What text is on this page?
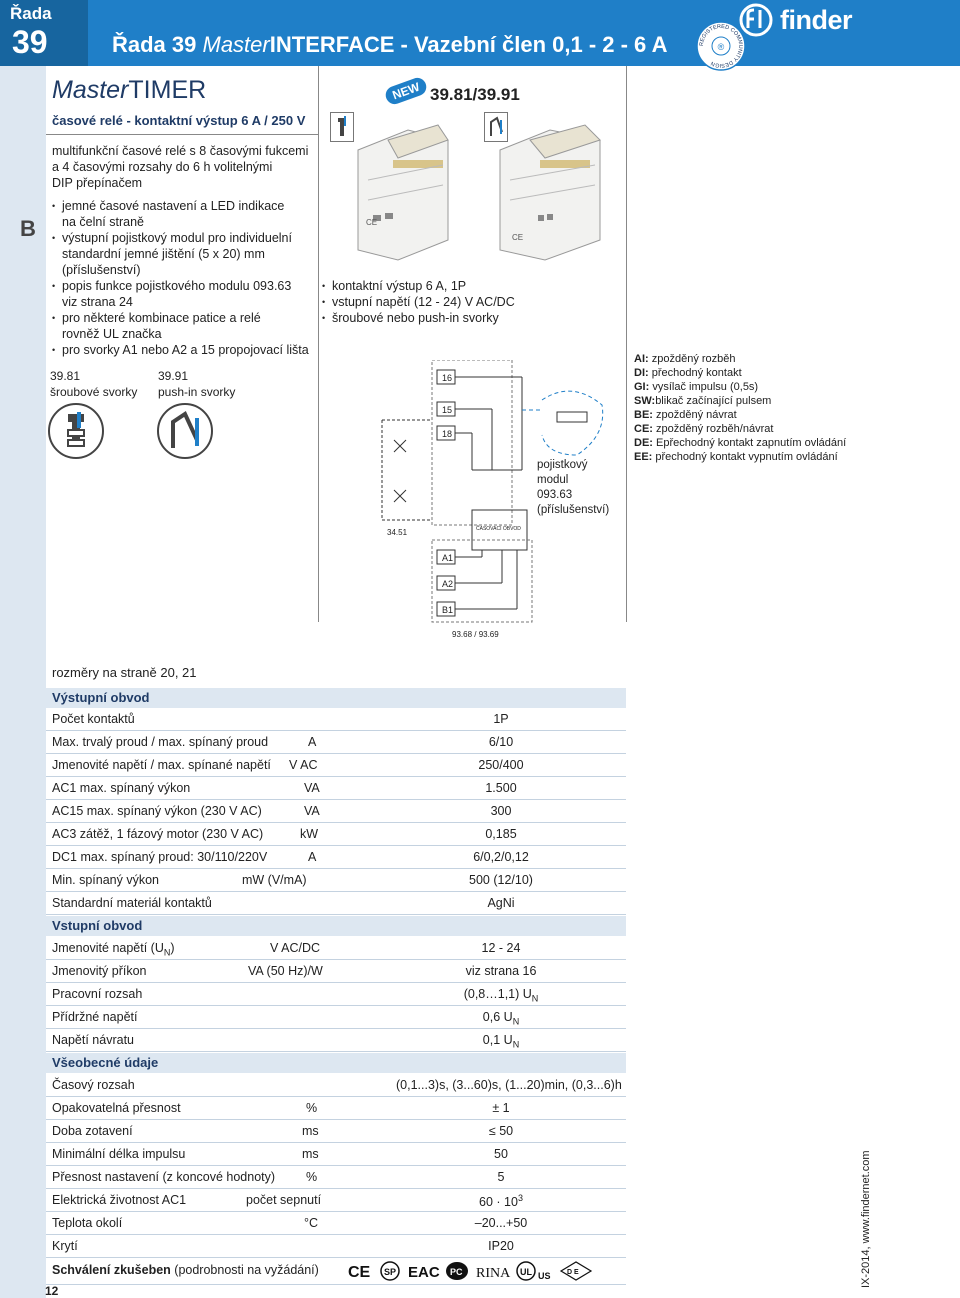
Řada
39	Řada 39 MasterINTERFACE - Vazební člen 0,1 - 2 - 6 A	®
REGISTERED COMMUNITY DESIGN
finder
B
12
MasterTIMER
časové relé - kontaktní výstup 6 A / 250 V
multifunkční časové relé s 8 časovými fukcemi
a 4 časovými rozsahy do 6 h volitelnými
DIP přepínačem
• jemné časové nastavení a LED indikace
na čelní straně
• výstupní pojistkový modul pro individuelní
standardní jemné jištění (5 x 20) mm
(příslušenství)
• popis funkce pojistkového modulu 093.63
viz strana 24
• pro některé kombinace patice a relé
rovněž UL značka
• pro svorky A1 nebo A2 a 15 propojovací lišta
39.81
šroubové svorky
39.91
push-in svorky
NEW 39.81/39.91
CE
CE
• kontaktní výstup 6 A, 1P
• vstupní napětí (12 - 24) V AC/DC
• šroubové nebo push-in svorky
16
15
18
A1
A2
B1
34.51	ČASOVACÍ OBVOD
93.68 / 93.69
pojistkový
modul
093.63
(příslušenství)
AI: zpožděný rozběh
DI: přechodný kontakt
GI: vysílač impulsu (0,5s)
SW:blikač začínající pulsem
BE: zpožděný návrat
CE: zpožděný rozběh/návrat
DE: Epřechodný kontakt zapnutím ovládání
EE: přechodný kontakt vypnutím ovládání
rozměry na straně 20, 21
Výstupní obvod
Počet kontaktů	1P
Max. trvalý proud / max. spínaný proud	A	6/10
Jmenovité napětí / max. spínané napětí V AC	250/400
AC1 max. spínaný výkon	VA	1.500
AC15 max. spínaný výkon (230 V AC)	VA	300
AC3 zátěž, 1 fázový motor (230 V AC)	kW	0,185
DC1 max. spínaný proud: 30/110/220V	A	6/0,2/0,12
Min. spínaný výkon	mW (V/mA)	500 (12/10)
Standardní materiál kontaktů	AgNi
Vstupní obvod
Jmenovité napětí $(U_N)$	V AC/DC	12 - 24
Jmenovitý příkon	VA (50 Hz)/W	viz strana 16
Pracovní rozsah	(0,8…1,1) $U_N$
Přídržné napětí	0,6 $U_N$
Napětí návratu	0,1 $U_N$
Všeobecné údaje
Časový rozsah	(0,1...3)s, (3...60)s, (1...20)min, (0,3...6)h
Opakovatelná přesnost	%	± 1
Doba zotavení	ms	≤ 50
Minimální délka impulsu	ms	50
Přesnost nastavení (z koncové hodnoty) %	5
Elektrická životnost AC1	počet sepnutí	$60 \cdot 10^3$
Teplota okolí	°C	–20...+50
Krytí	IP20
Schválení zkušeben (podrobnosti na vyžádání) CE SP EAC PC RINA UL US D E	IX-2014, www.findernet.com
